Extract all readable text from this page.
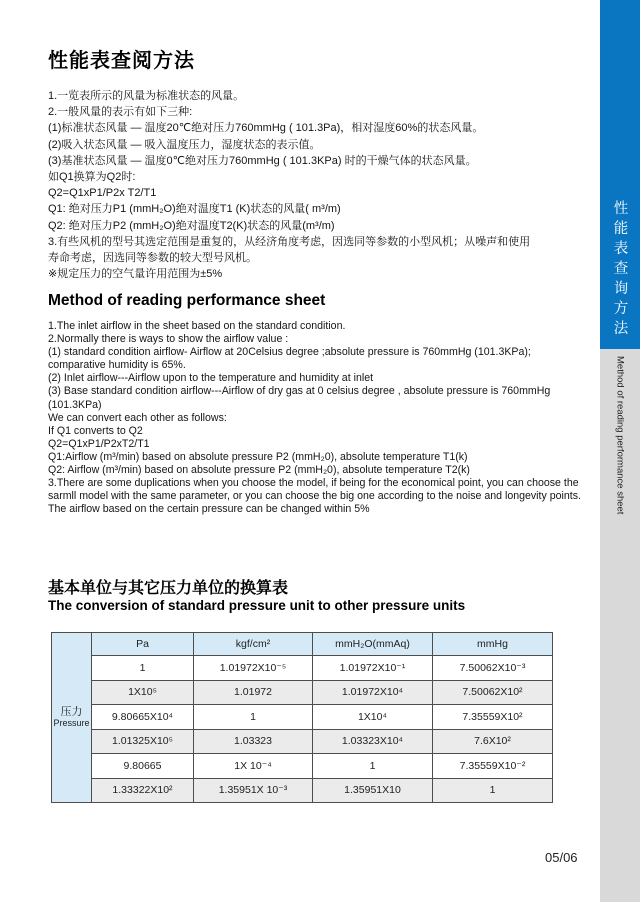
性能表查阅方法
1.一览表所示的风量为标准状态的风量。
2.一般风量的表示有如下三种:
(1)标准状态风量 — 温度20℃绝对压力760mmHg ( 101.3Pa)，相对湿度60%的状态风量。
(2)吸入状态风量 — 吸入温度压力，湿度状态的表示值。
(3)基准状态风量 — 温度0℃绝对压力760mmHg ( 101.3KPa) 时的干燥气体的状态风量。
如Q1换算为Q2时:
Q2=Q1xP1/P2x T2/T1
Q1: 绝对压力P1 (mmH₂O)绝对温度T1 (K)状态的风量( m³/m)
Q2: 绝对压力P2 (mmH₂O)绝对温度T2(K)状态的风量(m³/m)
3.有些风机的型号其选定范围是重复的，从经济角度考虑，因选同等参数的小型风机；从噪声和使用
寿命考虑，因选同等参数的较大型号风机。
※规定压力的空气量许用范围为±5%
Method of reading performance sheet
1.The inlet airflow in the sheet based on the standard condition.
2.Normally there is ways to show the airflow value :
(1) standard condition airflow- Airflow at 20Celsius degree ;absolute pressure is 760mmHg (101.3KPa);
comparative humidity is 65%.
(2) Inlet airflow---Airflow upon to the temperature and humidity at inlet
(3) Base standard condition airflow---Airflow of dry gas at 0 celsius degree , absolute pressure is 760mmHg (101.3KPa)
We can convert each other as follows:
If Q1 converts to Q2
Q2=Q1xP1/P2xT2/T1
Q1:Airflow (m³/min) based on absolute pressure P2 (mmH₂0), absolute temperature T1(k)
Q2: Airflow (m³/min) based on absolute pressure P2 (mmH₂0), absolute temperature T2(k)
3.There are some duplications when you choose the model, if being for the economical point, you can choose the
sarmll model with the same parameter, or you can choose the big one according to the noise and longevity points.
The airflow based on the certain pressure can be changed within 5%
基本单位与其它压力单位的换算表
The conversion of standard pressure unit to other pressure units
压力
Pressure	Pa	kgf/cm²	mmH₂O(mmAq)	mmHg
	1	1.01972X10⁻⁵	1.01972X10⁻¹	7.50062X10⁻³
	1X10⁵	1.01972	1.01972X10⁴	7.50062X10²
	9.80665X10⁴	1	1X10⁴	7.35559X10²
	1.01325X10⁵	1.03323	1.03323X10⁴	7.6X10²
	9.80665	1X 10⁻⁴	1	7.35559X10⁻²
	1.33322X10²	1.35951X 10⁻³	1.35951X10	1
性能表查询方法
Method of reading performance sheet
05/06
